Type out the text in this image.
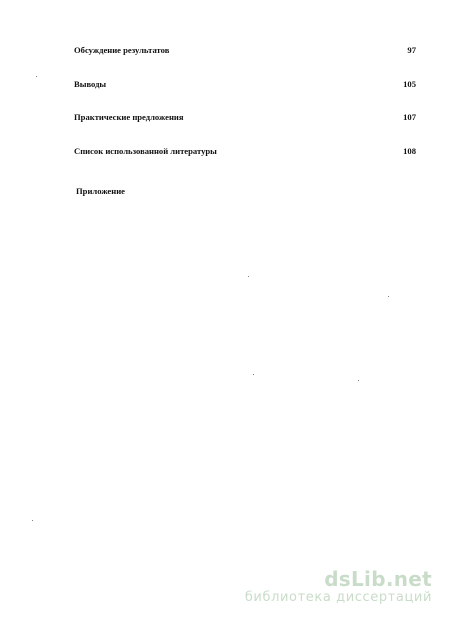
Обсуждение результатов	97
Выводы	105
Практические предложения	107
Список использованной литературы	108
Приложение
dsLib.net
библиотека диссертаций
